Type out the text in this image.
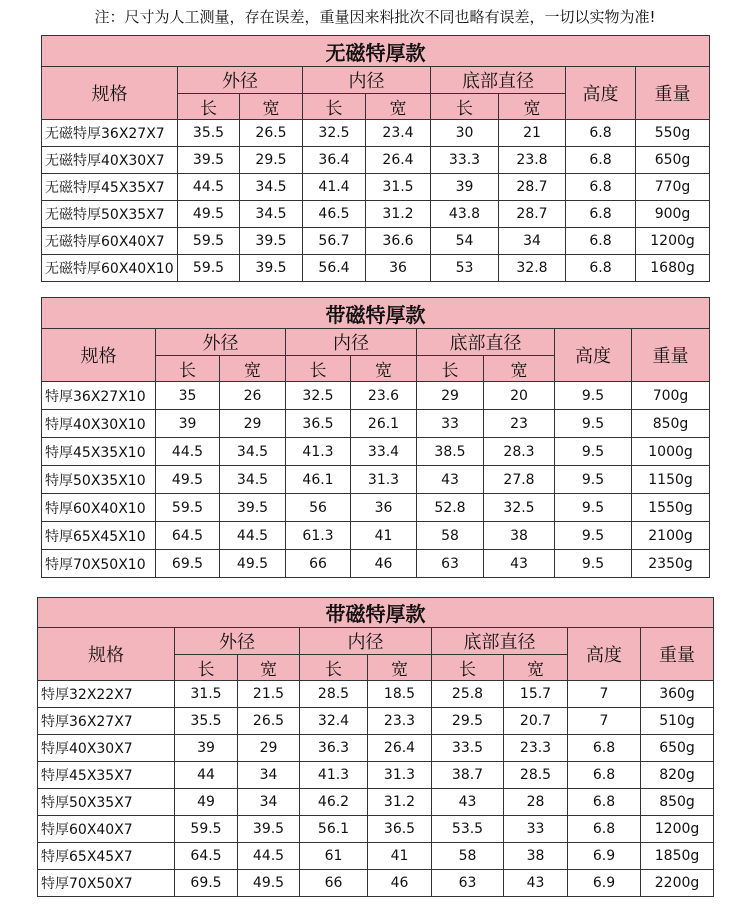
注：尺寸为人工测量，存在误差，重量因来料批次不同也略有误差，一切以实物为准!
无磁特厚款								
规格	外径		内径		底部直径		高度	重量
	长	宽	长	宽	长	宽		
无磁特厚36X27X7	35.5	26.5	32.5	23.4	30	21	6.8	550g
无磁特厚40X30X7	39.5	29.5	36.4	26.4	33.3	23.8	6.8	650g
无磁特厚45X35X7	44.5	34.5	41.4	31.5	39	28.7	6.8	770g
无磁特厚50X35X7	49.5	34.5	46.5	31.2	43.8	28.7	6.8	900g
无磁特厚60X40X7	59.5	39.5	56.7	36.6	54	34	6.8	1200g
无磁特厚60X40X10	59.5	39.5	56.4	36	53	32.8	6.8	1680g
带磁特厚款								
规格	外径		内径		底部直径		高度	重量
	长	宽	长	宽	长	宽		
特厚36X27X10	35	26	32.5	23.6	29	20	9.5	700g
特厚40X30X10	39	29	36.5	26.1	33	23	9.5	850g
特厚45X35X10	44.5	34.5	41.3	33.4	38.5	28.3	9.5	1000g
特厚50X35X10	49.5	34.5	46.1	31.3	43	27.8	9.5	1150g
特厚60X40X10	59.5	39.5	56	36	52.8	32.5	9.5	1550g
特厚65X45X10	64.5	44.5	61.3	41	58	38	9.5	2100g
特厚70X50X10	69.5	49.5	66	46	63	43	9.5	2350g
带磁特厚款								
规格	外径		内径		底部直径		高度	重量
	长	宽	长	宽	长	宽		
特厚32X22X7	31.5	21.5	28.5	18.5	25.8	15.7	7	360g
特厚36X27X7	35.5	26.5	32.4	23.3	29.5	20.7	7	510g
特厚40X30X7	39	29	36.3	26.4	33.5	23.3	6.8	650g
特厚45X35X7	44	34	41.3	31.3	38.7	28.5	6.8	820g
特厚50X35X7	49	34	46.2	31.2	43	28	6.8	850g
特厚60X40X7	59.5	39.5	56.1	36.5	53.5	33	6.8	1200g
特厚65X45X7	64.5	44.5	61	41	58	38	6.9	1850g
特厚70X50X7	69.5	49.5	66	46	63	43	6.9	2200g
